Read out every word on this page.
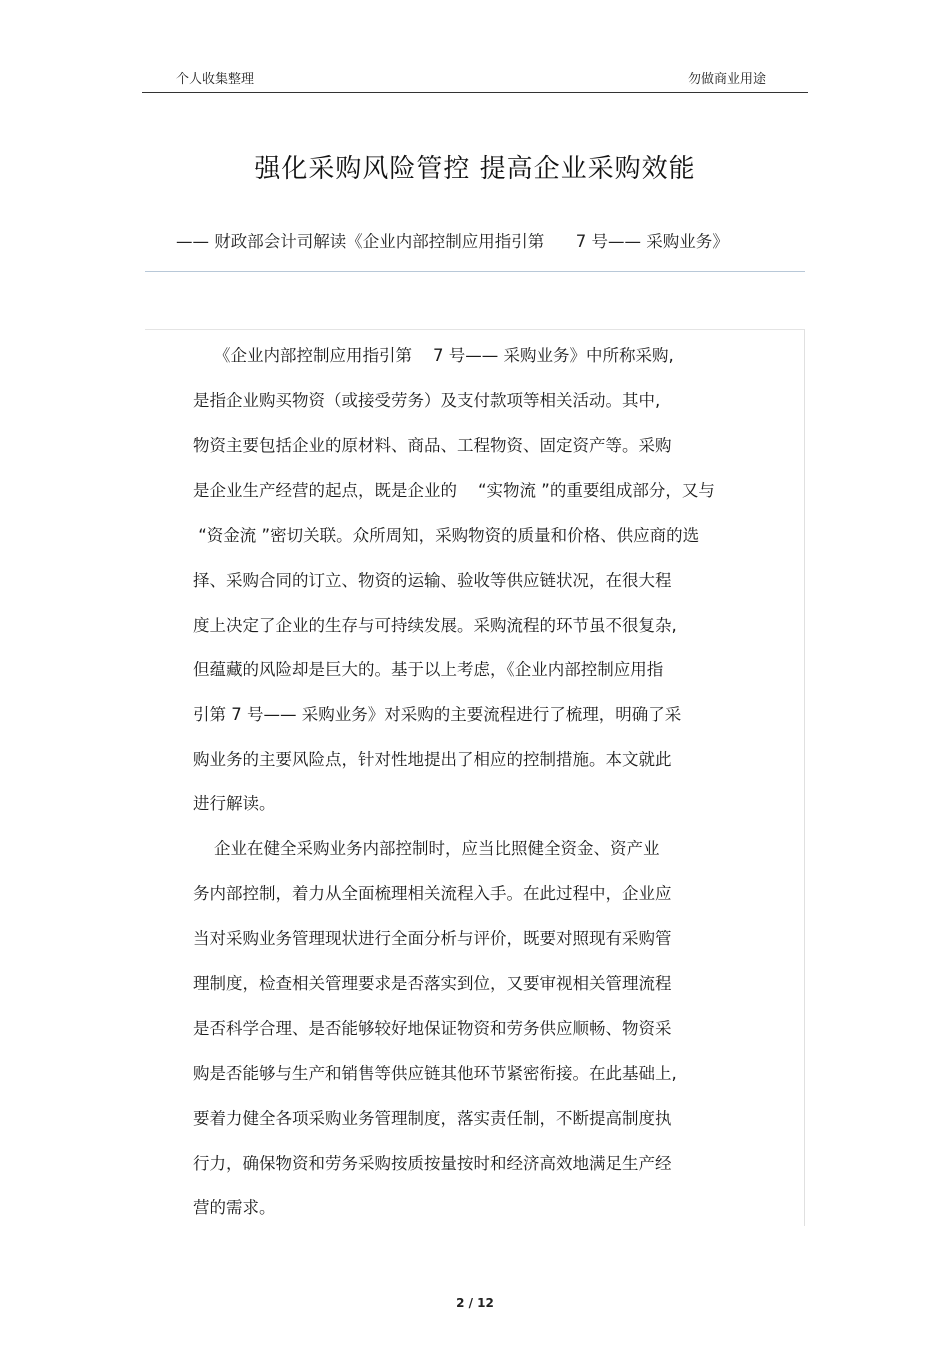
个人收集整理	勿做商业用途
强化采购风险管控 提高企业采购效能
—— 财政部会计司解读《企业内部控制应用指引第      7 号—— 采购业务》
《企业内部控制应用指引第    7 号—— 采购业务》中所称采购,
是指企业购买物资（或接受劳务）及支付款项等相关活动。其中,
物资主要包括企业的原材料、商品、工程物资、固定资产等。采购
是企业生产经营的起点，既是企业的    “实物流 ”的重要组成部分，又与
“资金流 ”密切关联。众所周知，采购物资的质量和价格、供应商的选
择、采购合同的订立、物资的运输、验收等供应链状况，在很大程
度上决定了企业的生存与可持续发展。采购流程的环节虽不很复杂,
但蕴藏的风险却是巨大的。基于以上考虑，《企业内部控制应用指
引第 7 号—— 采购业务》对采购的主要流程进行了梳理，明确了采
购业务的主要风险点，针对性地提出了相应的控制措施。本文就此
进行解读。
企业在健全采购业务内部控制时，应当比照健全资金、资产业
务内部控制，着力从全面梳理相关流程入手。在此过程中，企业应
当对采购业务管理现状进行全面分析与评价，既要对照现有采购管
理制度，检查相关管理要求是否落实到位，又要审视相关管理流程
是否科学合理、是否能够较好地保证物资和劳务供应顺畅、物资采
购是否能够与生产和销售等供应链其他环节紧密衔接。在此基础上,
要着力健全各项采购业务管理制度，落实责任制，不断提高制度执
行力，确保物资和劳务采购按质按量按时和经济高效地满足生产经
营的需求。
2 / 12
